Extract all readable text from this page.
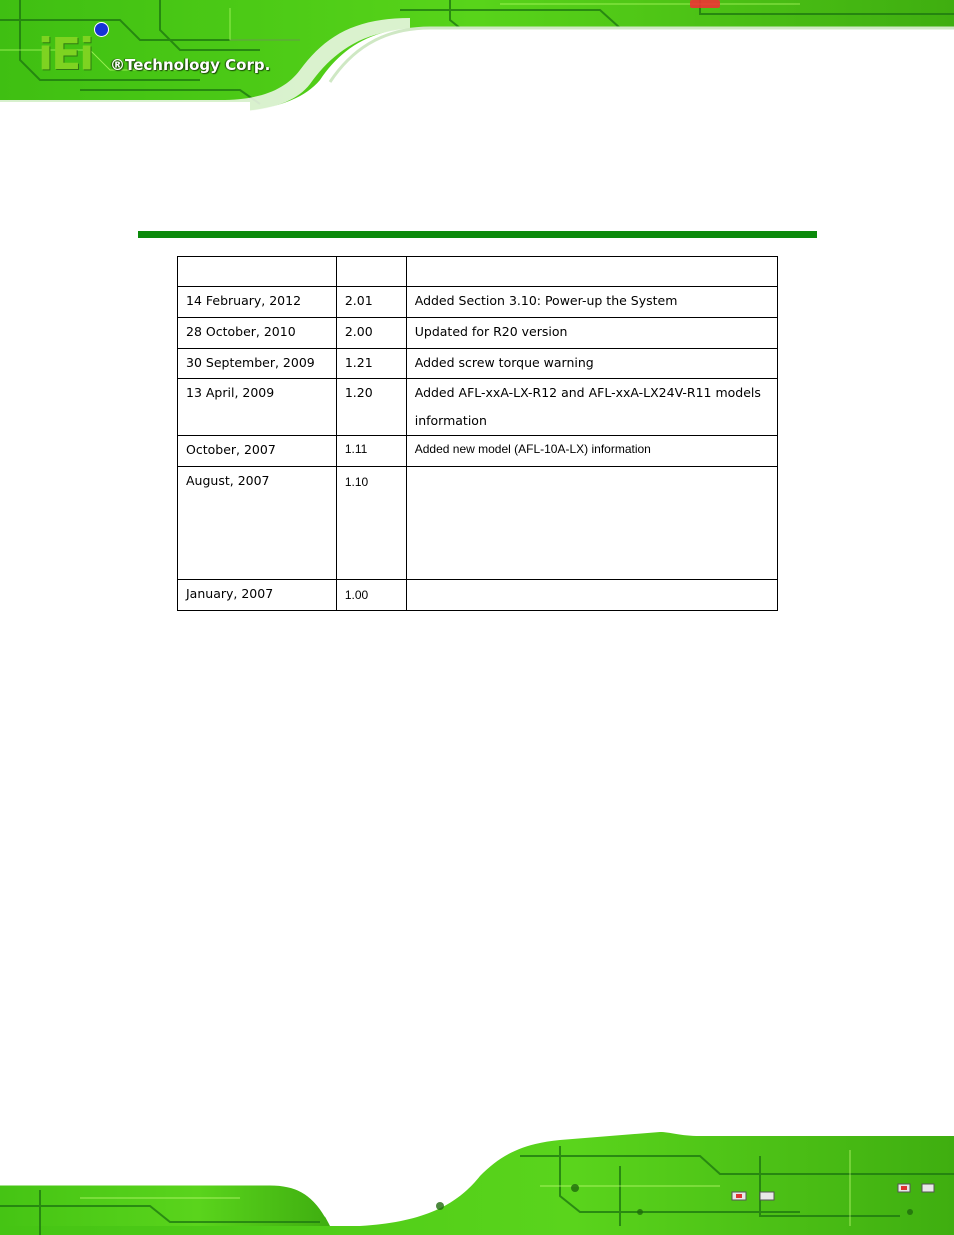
iEi ®Technology Corp.

14 February, 2012	2.01	Added Section 3.10: Power-up the System
28 October, 2010	2.00	Updated for R20 version
30 September, 2009	1.21	Added screw torque warning
13 April, 2009	1.20	Added AFL-xxA-LX-R12 and AFL-xxA-LX24V-R11 models information
October, 2007	1.11	Added new model (AFL-10A-LX) information
August, 2007	1.10	
January, 2007	1.00	
